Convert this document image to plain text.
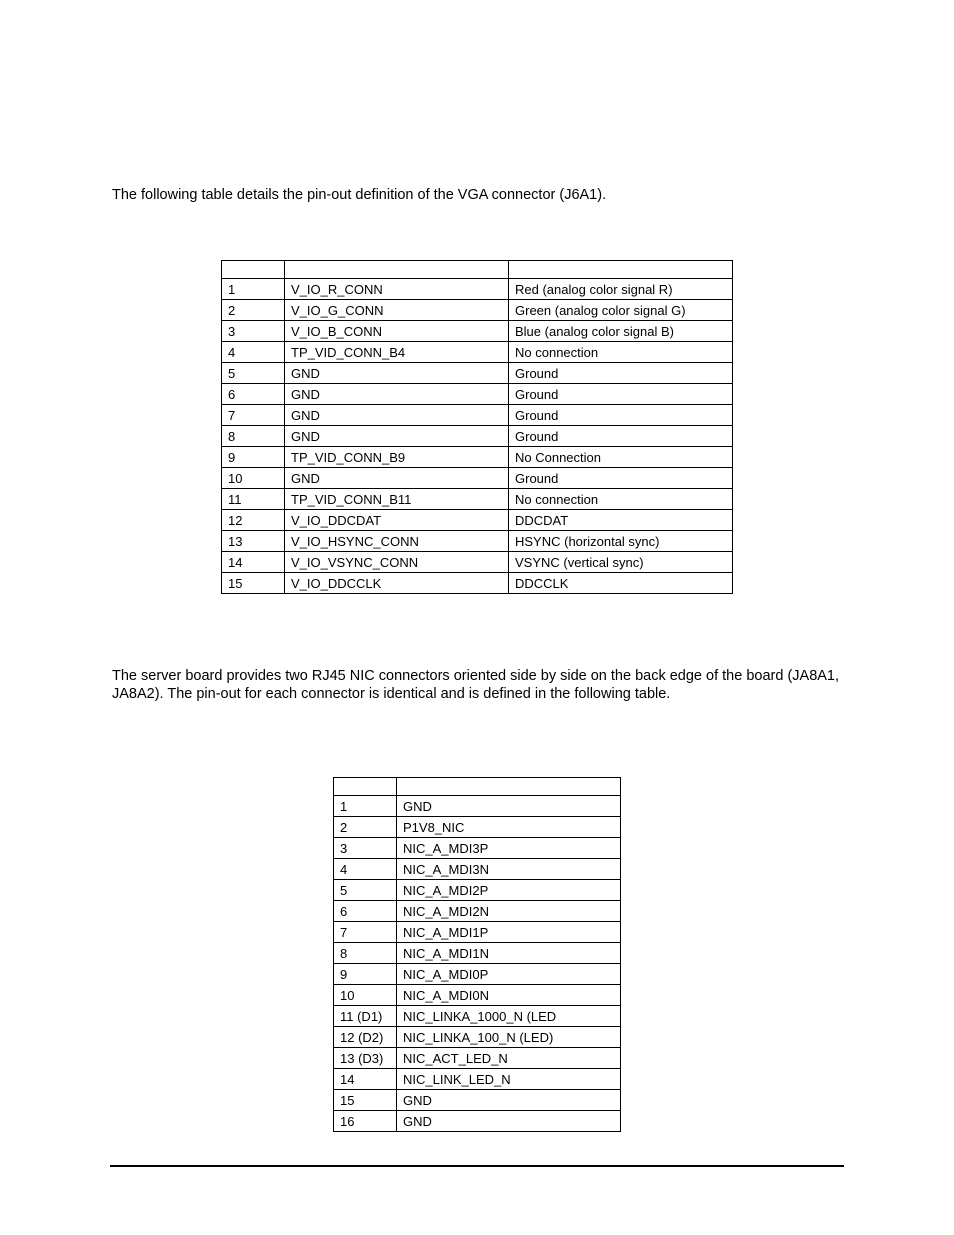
The following table details the pin-out definition of the VGA connector (J6A1).

1	V_IO_R_CONN	Red (analog color signal R)
2	V_IO_G_CONN	Green (analog color signal G)
3	V_IO_B_CONN	Blue (analog color signal B)
4	TP_VID_CONN_B4	No connection
5	GND	Ground
6	GND	Ground
7	GND	Ground
8	GND	Ground
9	TP_VID_CONN_B9	No Connection
10	GND	Ground
11	TP_VID_CONN_B11	No connection
12	V_IO_DDCDAT	DDCDAT
13	V_IO_HSYNC_CONN	HSYNC (horizontal sync)
14	V_IO_VSYNC_CONN	VSYNC (vertical sync)
15	V_IO_DDCCLK	DDCCLK

The server board provides two RJ45 NIC connectors oriented side by side on the back edge of the board (JA8A1, JA8A2). The pin-out for each connector is identical and is defined in the following table.

1	GND
2	P1V8_NIC
3	NIC_A_MDI3P
4	NIC_A_MDI3N
5	NIC_A_MDI2P
6	NIC_A_MDI2N
7	NIC_A_MDI1P
8	NIC_A_MDI1N
9	NIC_A_MDI0P
10	NIC_A_MDI0N
11 (D1)	NIC_LINKA_1000_N (LED
12 (D2)	NIC_LINKA_100_N (LED)
13 (D3)	NIC_ACT_LED_N
14	NIC_LINK_LED_N
15	GND
16	GND
